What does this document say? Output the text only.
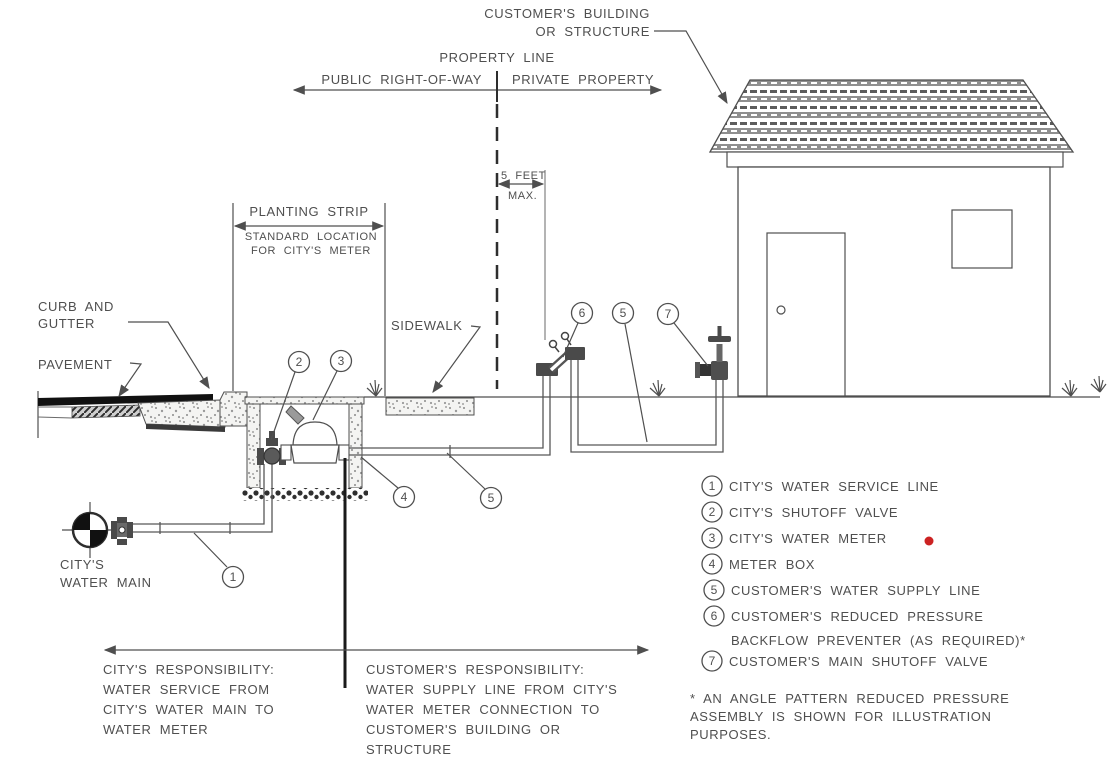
CUSTOMER'S BUILDING
OR STRUCTURE
PROPERTY LINE
PUBLIC RIGHT-OF-WAY PRIVATE PROPERTY
5 FEET
MAX.
PLANTING STRIP
STANDARD LOCATION
FOR CITY'S METER
CURB AND
GUTTER
PAVEMENT
SIDEWALK
CITY'S
WATER MAIN	1
2	3
4	5
6	5	7
CITY'S RESPONSIBILITY:
WATER SERVICE FROM
CITY'S WATER MAIN TO
WATER METER
CUSTOMER'S RESPONSIBILITY:
WATER SUPPLY LINE FROM CITY'S
WATER METER CONNECTION TO
CUSTOMER'S BUILDING OR
STRUCTURE
1 CITY'S WATER SERVICE LINE
2 CITY'S SHUTOFF VALVE
3 CITY'S WATER METER
4 METER BOX
5 CUSTOMER'S WATER SUPPLY LINE
6 CUSTOMER'S REDUCED PRESSURE
BACKFLOW PREVENTER (AS REQUIRED)*
7 CUSTOMER'S MAIN SHUTOFF VALVE
* AN ANGLE PATTERN REDUCED PRESSURE
ASSEMBLY IS SHOWN FOR ILLUSTRATION
PURPOSES.
